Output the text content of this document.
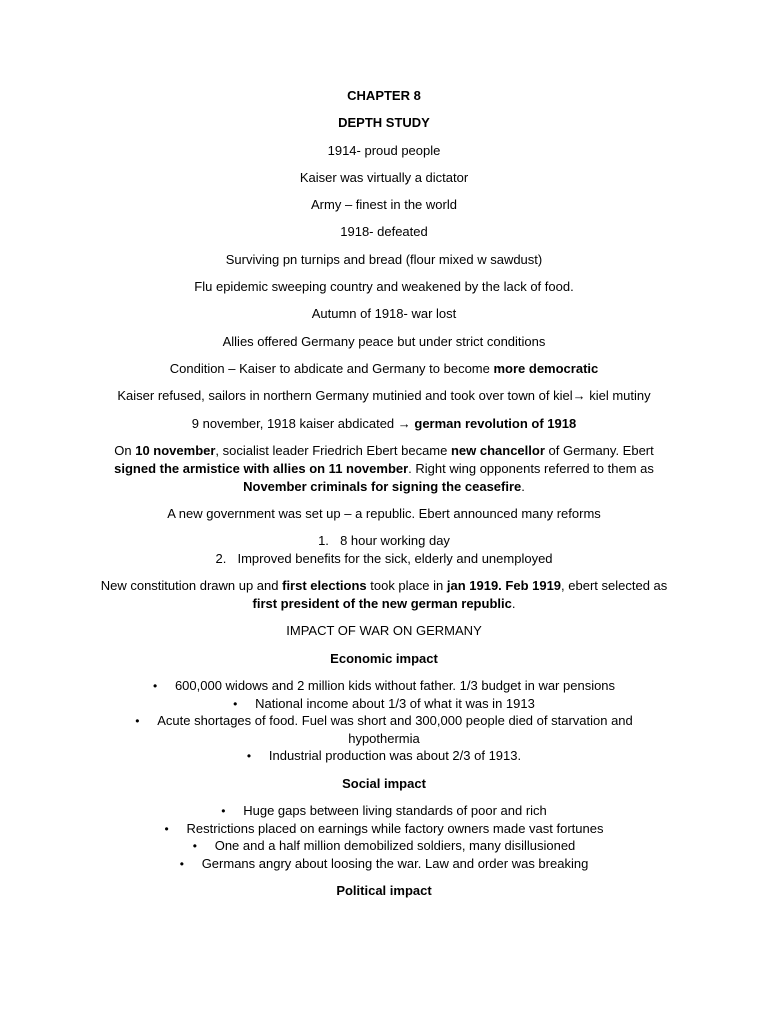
CHAPTER 8
DEPTH STUDY
1914- proud people
Kaiser was virtually a dictator
Army – finest in the world
1918- defeated
Surviving pn turnips and bread (flour mixed w sawdust)
Flu epidemic sweeping country and weakened by the lack of food.
Autumn of 1918- war lost
Allies offered Germany peace but under strict conditions
Condition – Kaiser to abdicate and Germany to become more democratic
Kaiser refused, sailors in northern Germany mutinied and took over town of kiel→ kiel mutiny
9 november, 1918 kaiser abdicated → german revolution of 1918
On 10 november, socialist leader Friedrich Ebert became new chancellor of Germany. Ebert signed the armistice with allies on 11 november. Right wing opponents referred to them as November criminals for signing the ceasefire.
A new government was set up – a republic. Ebert announced many reforms
1. 8 hour working day
2. Improved benefits for the sick, elderly and unemployed
New constitution drawn up and first elections took place in jan 1919. Feb 1919, ebert selected as first president of the new german republic.
IMPACT OF WAR ON GERMANY
Economic impact
• 600,000 widows and 2 million kids without father. 1/3 budget in war pensions
• National income about 1/3 of what it was in 1913
• Acute shortages of food. Fuel was short and 300,000 people died of starvation and
hypothermia
• Industrial production was about 2/3 of 1913.
Social impact
• Huge gaps between living standards of poor and rich
• Restrictions placed on earnings while factory owners made vast fortunes
• One and a half million demobilized soldiers, many disillusioned
• Germans angry about loosing the war. Law and order was breaking
Political impact
